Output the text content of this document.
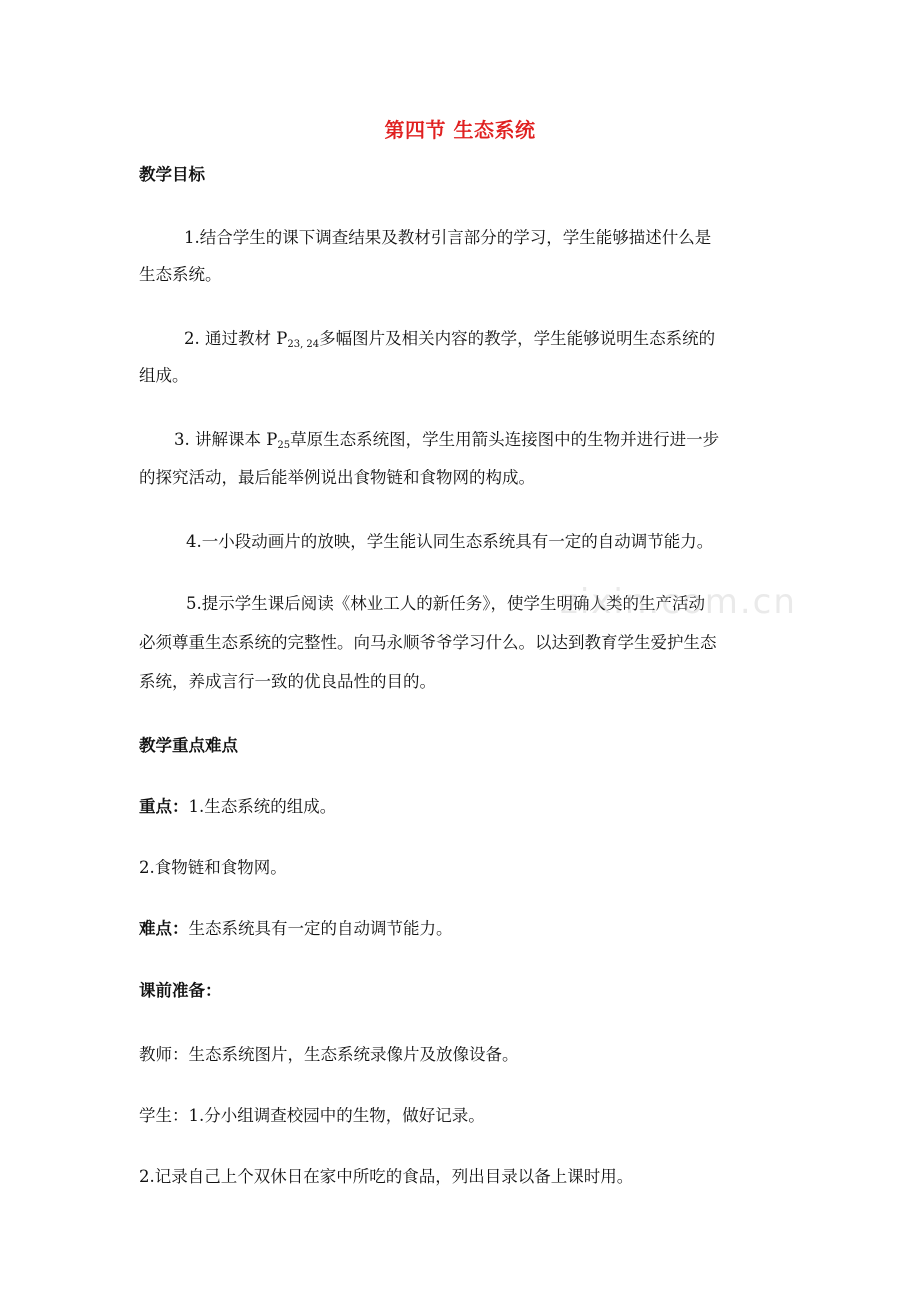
第四节 生态系统
教学目标
1.结合学生的课下调查结果及教材引言部分的学习，学生能够描述什么是
生态系统。
2. 通过教材 $P_{23, 24}$多幅图片及相关内容的教学，学生能够说明生态系统的
组成。
3. 讲解课本 $P_{25}$草原生态系统图，学生用箭头连接图中的生物并进行进一步
的探究活动，最后能举例说出食物链和食物网的构成。
4.一小段动画片的放映，学生能认同生态系统具有一定的自动调节能力。
5.提示学生课后阅读《林业工人的新任务》，使学生明确人类的生产活动
必须尊重生态系统的完整性。向马永顺爷爷学习什么。以达到教育学生爱护生态
系统，养成言行一致的优良品性的目的。
教学重点难点
重点：1.生态系统的组成。
2.食物链和食物网。
难点：生态系统具有一定的自动调节能力。
课前准备：
教师：生态系统图片，生态系统录像片及放像设备。
学生：1.分小组调查校园中的生物，做好记录。
2.记录自己上个双休日在家中所吃的食品，列出目录以备上课时用。
zixin.com.cn
